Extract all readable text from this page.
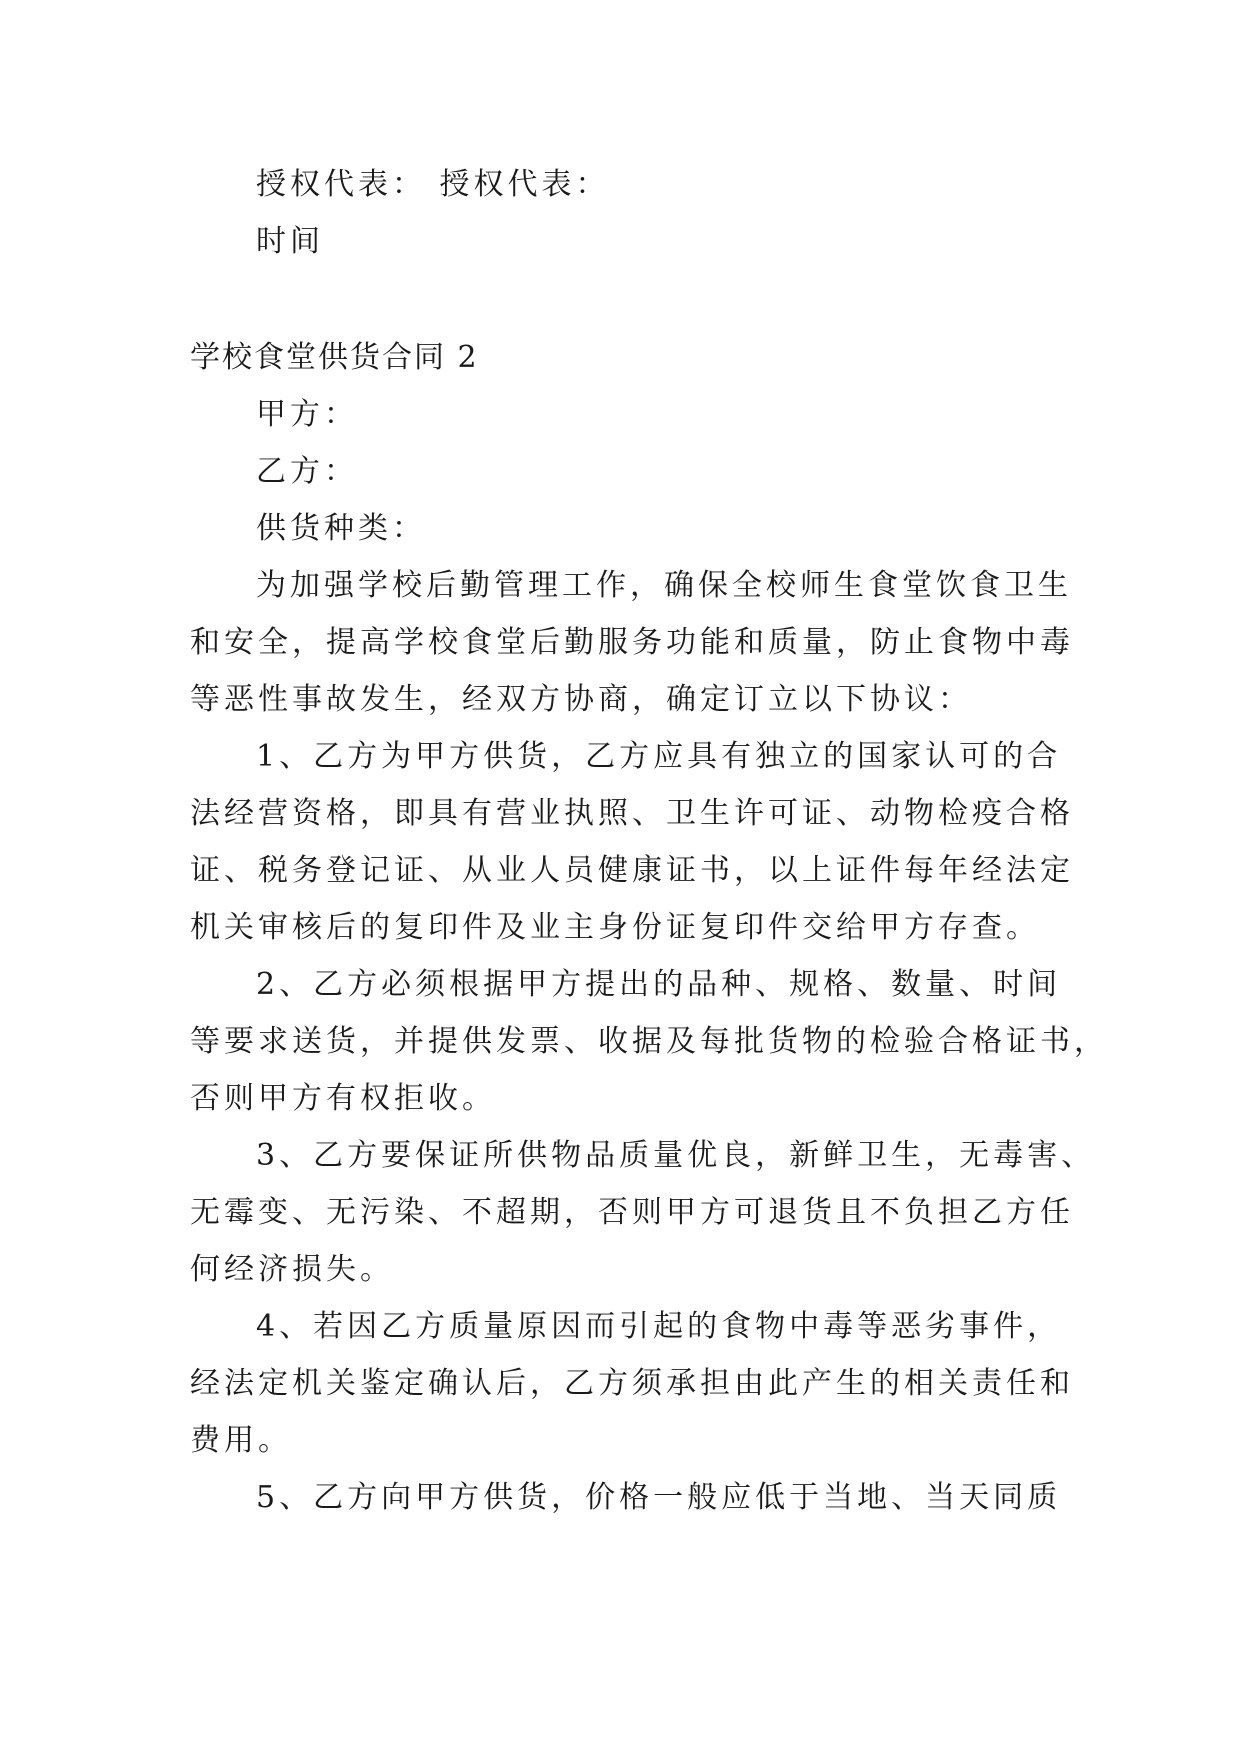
授权代表： 授权代表：
时间
学校食堂供货合同 2
甲方：
乙方：
供货种类：
为加强学校后勤管理工作，确保全校师生食堂饮食卫生
和安全，提高学校食堂后勤服务功能和质量，防止食物中毒
等恶性事故发生，经双方协商，确定订立以下协议：
1、乙方为甲方供货，乙方应具有独立的国家认可的合
法经营资格，即具有营业执照、卫生许可证、动物检疫合格
证、税务登记证、从业人员健康证书，以上证件每年经法定
机关审核后的复印件及业主身份证复印件交给甲方存查。
2、乙方必须根据甲方提出的品种、规格、数量、时间
等要求送货，并提供发票、收据及每批货物的检验合格证书，
否则甲方有权拒收。
3、乙方要保证所供物品质量优良，新鲜卫生，无毒害、
无霉变、无污染、不超期，否则甲方可退货且不负担乙方任
何经济损失。
4、若因乙方质量原因而引起的食物中毒等恶劣事件，
经法定机关鉴定确认后，乙方须承担由此产生的相关责任和
费用。
5、乙方向甲方供货，价格一般应低于当地、当天同质
